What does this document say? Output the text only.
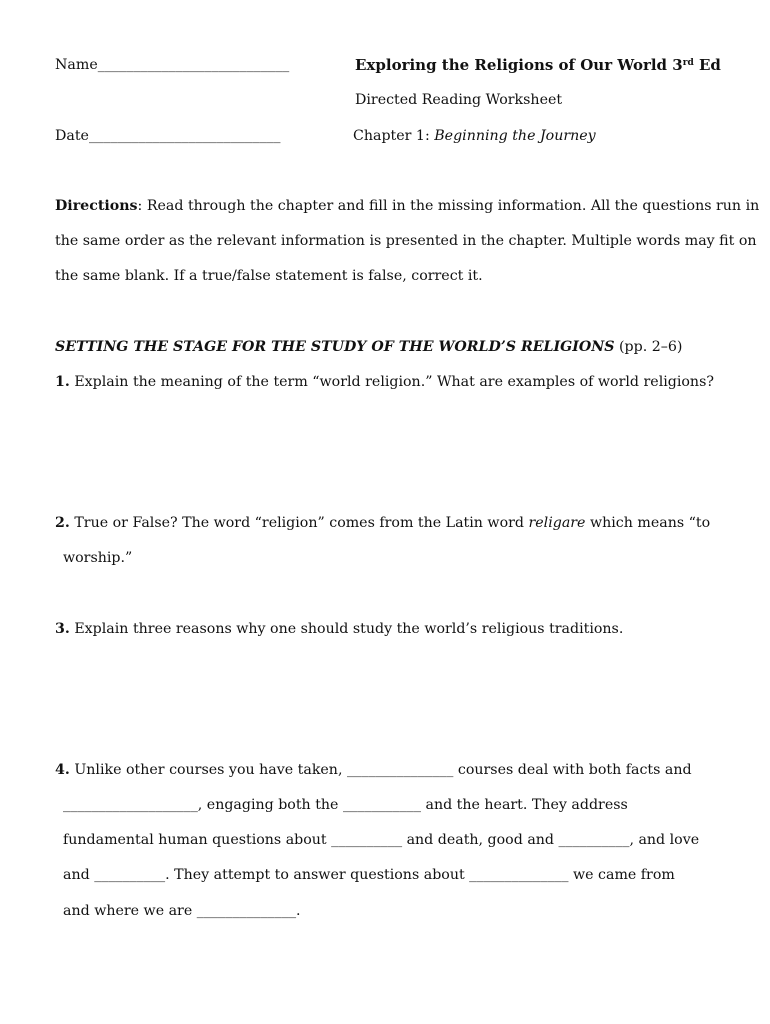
Name___________________________	Exploring the Religions of Our World 3rd Ed
Directed Reading Worksheet
Date___________________________	Chapter 1: Beginning the Journey
Directions: Read through the chapter and fill in the missing information. All the questions run in
the same order as the relevant information is presented in the chapter. Multiple words may fit on
the same blank. If a true/false statement is false, correct it.
SETTING THE STAGE FOR THE STUDY OF THE WORLD’S RELIGIONS (pp. 2–6)
1. Explain the meaning of the term “world religion.” What are examples of world religions?
2. True or False? The word “religion” comes from the Latin word religare which means “to
worship.”
3. Explain three reasons why one should study the world’s religious traditions.
4. Unlike other courses you have taken, _______________ courses deal with both facts and
___________________, engaging both the ___________ and the heart. They address
fundamental human questions about __________ and death, good and __________, and love
and __________. They attempt to answer questions about ______________ we came from
and where we are ______________.
